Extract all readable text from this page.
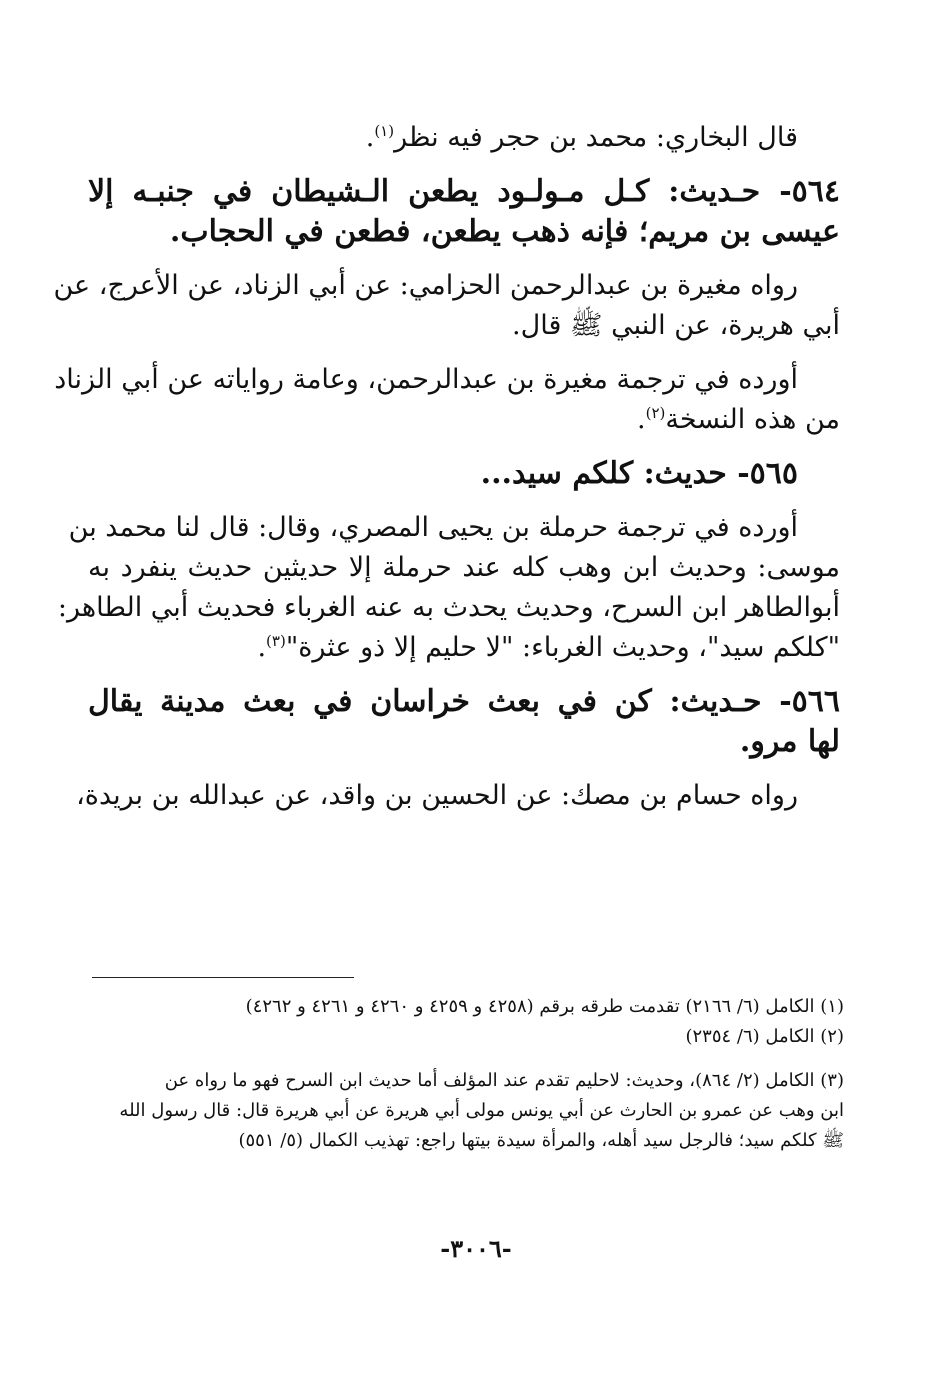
قال البخاري: محمد بن حجر فيه نظر$^{(١)}$.
٥٦٤- حـديث: كـل مـولـود يطعن الـشيطان في جنبـه إلا
عيسى بن مريم؛ فإنه ذهب يطعن، فطعن في الحجاب.
رواه مغيرة بن عبدالرحمن الحزامي: عن أبي الزناد، عن الأعرج، عن
أبي هريرة، عن النبي ﷺ قال.
أورده في ترجمة مغيرة بن عبدالرحمن، وعامة رواياته عن أبي الزناد
من هذه النسخة$^{(٢)}$.
٥٦٥- حديث: كلكم سيد...
أورده في ترجمة حرملة بن يحيى المصري، وقال: قال لنا محمد بن
موسى: وحديث ابن وهب كله عند حرملة إلا حديثين حديث ينفرد به
أبوالطاهر ابن السرح، وحديث يحدث به عنه الغرباء فحديث أبي الطاهر:
"كلكم سيد"، وحديث الغرباء: "لا حليم إلا ذو عثرة"$^{(٣)}$.
٥٦٦- حـديث: كن في بعث خراسان في بعث مدينة يقال
لها مرو.
رواه حسام بن مصك: عن الحسين بن واقد، عن عبدالله بن بريدة،
(١) الكامل (٦/ ٢١٦٦) تقدمت طرقه برقم (٤٢٥٨ و ٤٢٥٩ و ٤٢٦٠ و ٤٢٦١ و ٤٢٦٢)
(٢) الكامل (٦/ ٢٣٥٤)
(٣) الكامل (٢/ ٨٦٤)، وحديث: لاحليم تقدم عند المؤلف أما حديث ابن السرح فهو ما رواه عن
ابن وهب عن عمرو بن الحارث عن أبي يونس مولى أبي هريرة عن أبي هريرة قال: قال رسول الله
ﷺ كلكم سيد؛ فالرجل سيد أهله، والمرأة سيدة بيتها راجع: تهذيب الكمال (٥/ ٥٥١)
-٣٠٠٦-
